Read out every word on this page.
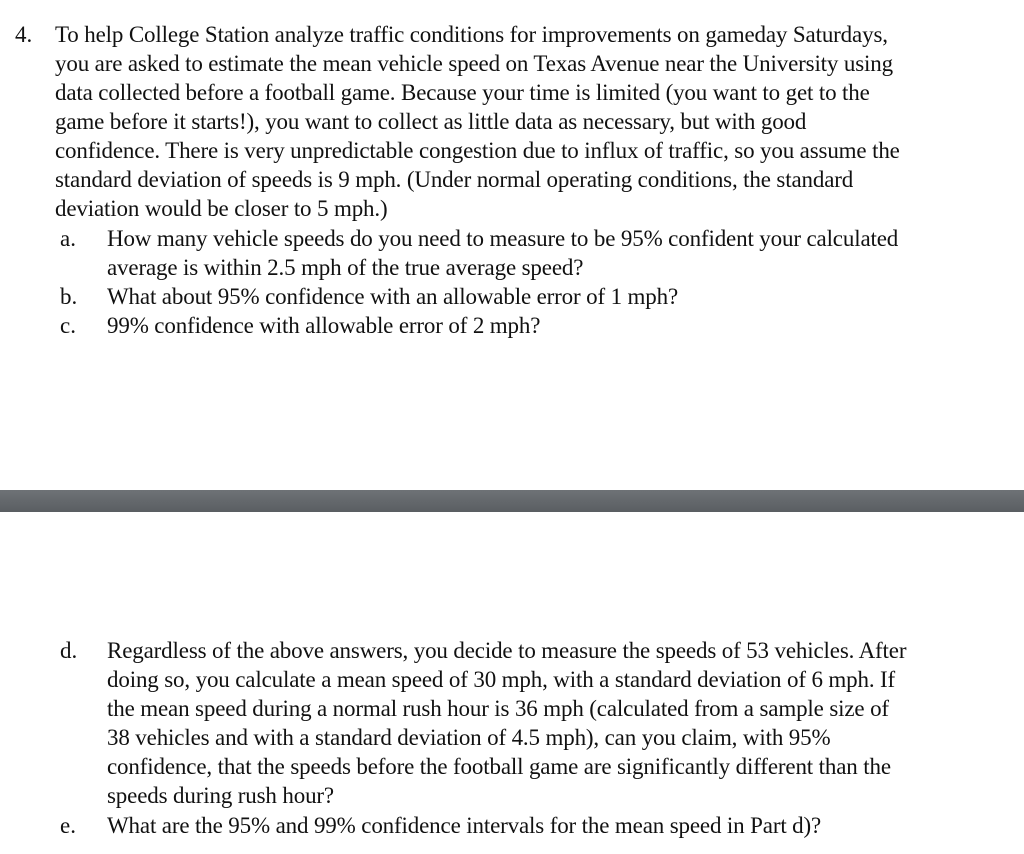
4. To help College Station analyze traffic conditions for improvements on gameday Saturdays,
you are asked to estimate the mean vehicle speed on Texas Avenue near the University using
data collected before a football game. Because your time is limited (you want to get to the
game before it starts!), you want to collect as little data as necessary, but with good
confidence. There is very unpredictable congestion due to influx of traffic, so you assume the
standard deviation of speeds is 9 mph. (Under normal operating conditions, the standard
deviation would be closer to 5 mph.)
a. How many vehicle speeds do you need to measure to be 95% confident your calculated
average is within 2.5 mph of the true average speed?
b. What about 95% confidence with an allowable error of 1 mph?
c. 99% confidence with allowable error of 2 mph?
d. Regardless of the above answers, you decide to measure the speeds of 53 vehicles. After
doing so, you calculate a mean speed of 30 mph, with a standard deviation of 6 mph. If
the mean speed during a normal rush hour is 36 mph (calculated from a sample size of
38 vehicles and with a standard deviation of 4.5 mph), can you claim, with 95%
confidence, that the speeds before the football game are significantly different than the
speeds during rush hour?
e. What are the 95% and 99% confidence intervals for the mean speed in Part d)?
